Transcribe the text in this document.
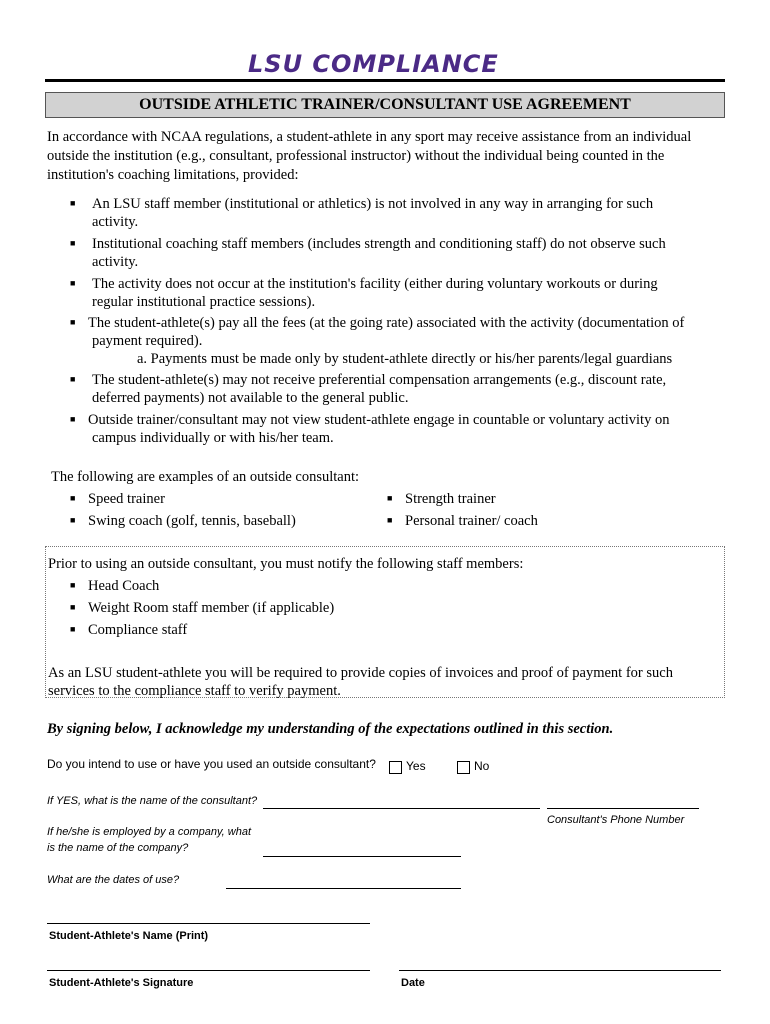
LSU COMPLIANCE
OUTSIDE ATHLETIC TRAINER/CONSULTANT USE AGREEMENT
In accordance with NCAA regulations, a student-athlete in any sport may receive assistance from an individual
outside the institution (e.g., consultant, professional instructor) without the individual being counted in the
institution's coaching limitations, provided:
■ An LSU staff member (institutional or athletics) is not involved in any way in arranging for such
activity.
■ Institutional coaching staff members (includes strength and conditioning staff) do not observe such
activity.
■ The activity does not occur at the institution's facility (either during voluntary workouts or during
regular institutional practice sessions).
■ The student-athlete(s) pay all the fees (at the going rate) associated with the activity (documentation of
payment required).
a. Payments must be made only by student-athlete directly or his/her parents/legal guardians
■ The student-athlete(s) may not receive preferential compensation arrangements (e.g., discount rate,
deferred payments) not available to the general public.
■ Outside trainer/consultant may not view student-athlete engage in countable or voluntary activity on
campus individually or with his/her team.
The following are examples of an outside consultant:
■ Speed trainer
■ Swing coach (golf, tennis, baseball)
■ Strength trainer
■ Personal trainer/ coach
Prior to using an outside consultant, you must notify the following staff members:
■ Head Coach
■ Weight Room staff member (if applicable)
■ Compliance staff
As an LSU student-athlete you will be required to provide copies of invoices and proof of payment for such
services to the compliance staff to verify payment.
By signing below, I acknowledge my understanding of the expectations outlined in this section.
Do you intend to use or have you used an outside consultant?	Yes	No
If YES, what is the name of the consultant?
Consultant's Phone Number
If he/she is employed by a company, what
is the name of the company?
What are the dates of use?
Student-Athlete's Name (Print)
Student-Athlete's Signature	Date
